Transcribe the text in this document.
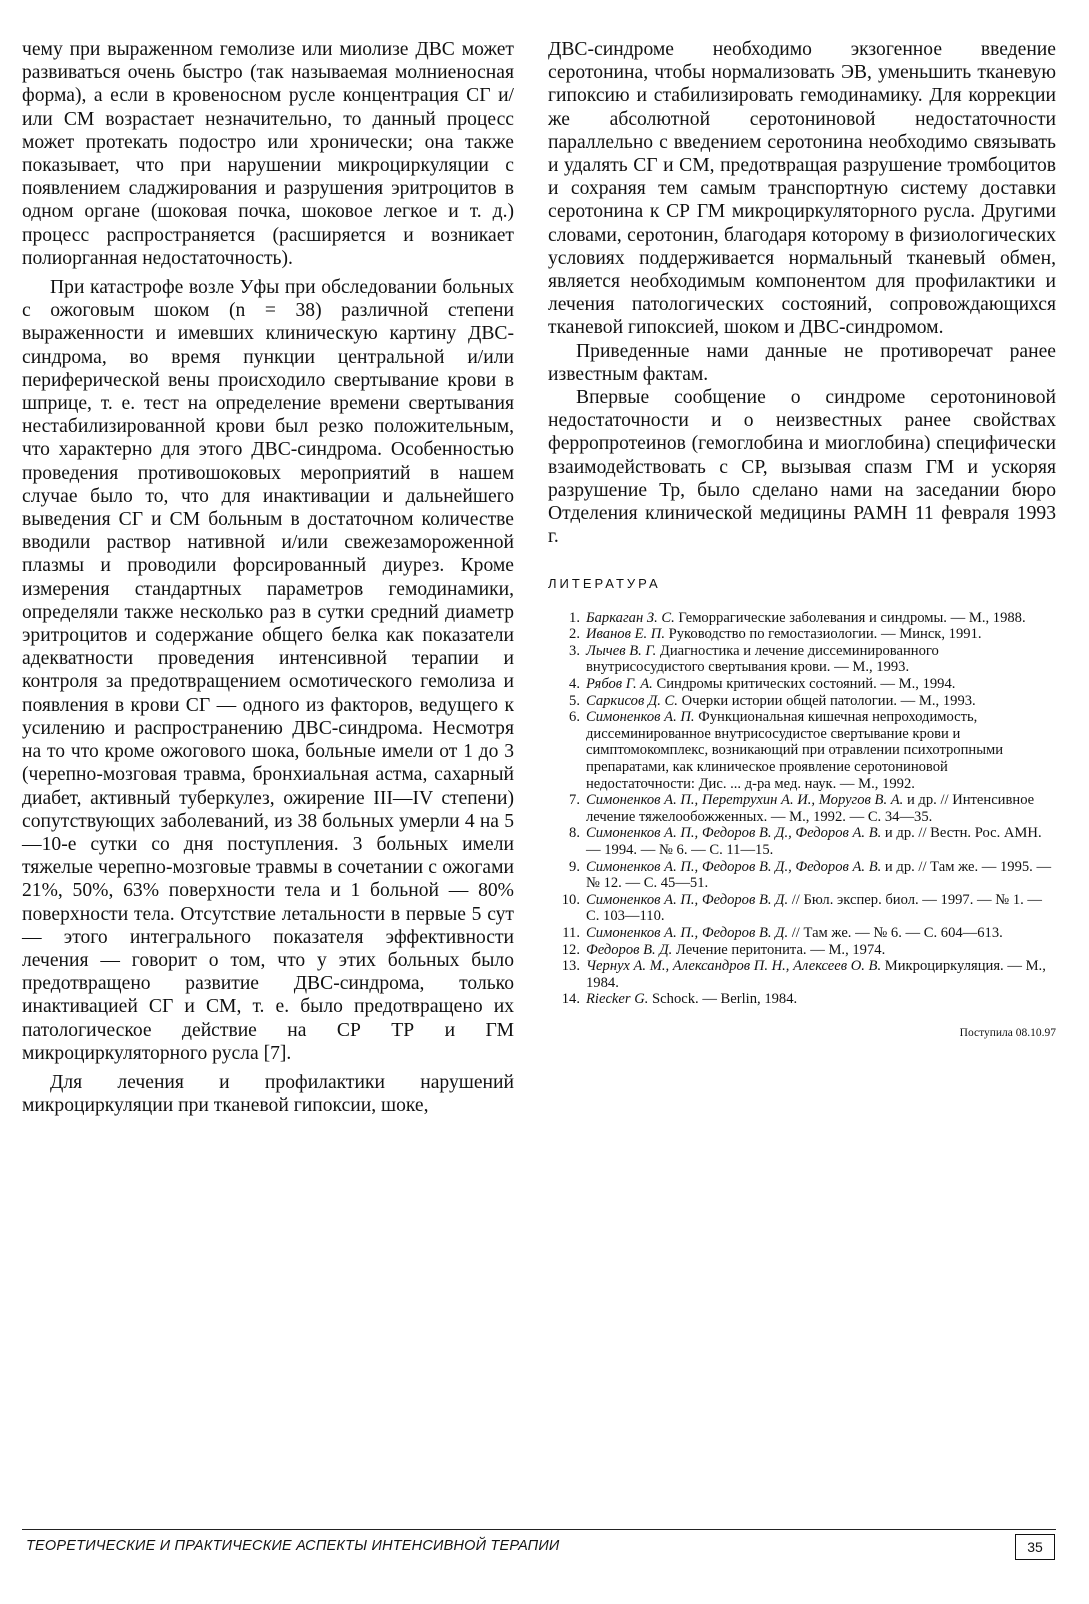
чему при выраженном гемолизе или миолизе ДВС может развиваться очень быстро (так называемая молниеносная форма), а если в кровеносном русле концентрация СГ и/или СМ возрастает незначительно, то данный процесс может протекать подостро или хронически; она также показывает, что при нарушении микроциркуляции с появлением сладжирования и разрушения эритроцитов в одном органе (шоковая почка, шоковое легкое и т. д.) процесс распространяется (расширяется и возникает полиорганная недостаточность).

При катастрофе возле Уфы при обследовании больных с ожоговым шоком (n = 38) различной степени выраженности и имевших клиническую картину ДВС-синдрома, во время пункции центральной и/или периферической вены происходило свертывание крови в шприце, т. е. тест на определение времени свертывания нестабилизированной крови был резко положительным, что характерно для этого ДВС-синдрома. Особенностью проведения противошоковых мероприятий в нашем случае было то, что для инактивации и дальнейшего выведения СГ и СМ больным в достаточном количестве вводили раствор нативной и/или свежезамороженной плазмы и проводили форсированный диурез. Кроме измерения стандартных параметров гемодинамики, определяли также несколько раз в сутки средний диаметр эритроцитов и содержание общего белка как показатели адекватности проведения интенсивной терапии и контроля за предотвращением осмотического гемолиза и появления в крови СГ — одного из факторов, ведущего к усилению и распространению ДВС-синдрома. Несмотря на то что кроме ожогового шока, больные имели от 1 до 3 (черепно-мозговая травма, бронхиальная астма, сахарный диабет, активный туберкулез, ожирение III—IV степени) сопутствующих заболеваний, из 38 больных умерли 4 на 5—10-е сутки со дня поступления. 3 больных имели тяжелые черепно-мозговые травмы в сочетании с ожогами 21%, 50%, 63% поверхности тела и 1 больной — 80% поверхности тела. Отсутствие летальности в первые 5 сут — этого интегрального показателя эффективности лечения — говорит о том, что у этих больных было предотвращено развитие ДВС-синдрома, только инактивацией СГ и СМ, т. е. было предотвращено их патологическое действие на СР ТР и ГМ микроциркуляторного русла [7].

Для лечения и профилактики нарушений микроциркуляции при тканевой гипоксии, шоке,

ДВС-синдроме необходимо экзогенное введение серотонина, чтобы нормализовать ЭВ, уменьшить тканевую гипоксию и стабилизировать гемодинамику. Для коррекции же абсолютной серотониновой недостаточности параллельно с введением серотонина необходимо связывать и удалять СГ и СМ, предотвращая разрушение тромбоцитов и сохраняя тем самым транспортную систему доставки серотонина к СР ГМ микроциркуляторного русла. Другими словами, серотонин, благодаря которому в физиологических условиях поддерживается нормальный тканевый обмен, является необходимым компонентом для профилактики и лечения патологических состояний, сопровождающихся тканевой гипоксией, шоком и ДВС-синдромом.

Приведенные нами данные не противоречат ранее известным фактам.

Впервые сообщение о синдроме серотониновой недостаточности и о неизвестных ранее свойствах ферропротеинов (гемоглобина и миоглобина) специфически взаимодействовать с СР, вызывая спазм ГМ и ускоряя разрушение Тр, было сделано нами на заседании бюро Отделения клинической медицины РАМН 11 февраля 1993 г.

ЛИТЕРАТУРА
1. Баркаган З. С. Геморрагические заболевания и синдромы. — М., 1988.
2. Иванов Е. П. Руководство по гемостазиологии. — Минск, 1991.
3. Лычев В. Г. Диагностика и лечение диссеминированного внутрисосудистого свертывания крови. — М., 1993.
4. Рябов Г. А. Синдромы критических состояний. — М., 1994.
5. Саркисов Д. С. Очерки истории общей патологии. — М., 1993.
6. Симоненков А. П. Функциональная кишечная непроходимость, диссеминированное внутрисосудистое свертывание крови и симптомокомплекс, возникающий при отравлении психотропными препаратами, как клиническое проявление серотониновой недостаточности: Дис. ... д-ра мед. наук. — М., 1992.
7. Симоненков А. П., Перетрухин А. И., Моругов В. А. и др. // Интенсивное лечение тяжелообожженных. — М., 1992. — С. 34—35.
8. Симоненков А. П., Федоров В. Д., Федоров А. В. и др. // Вестн. Рос. АМН. — 1994. — № 6. — С. 11—15.
9. Симоненков А. П., Федоров В. Д., Федоров А. В. и др. // Там же. — 1995. — № 12. — С. 45—51.
10. Симоненков А. П., Федоров В. Д. // Бюл. экспер. биол. — 1997. — № 1. — С. 103—110.
11. Симоненков А. П., Федоров В. Д. // Там же. — № 6. — С. 604—613.
12. Федоров В. Д. Лечение перитонита. — М., 1974.
13. Чернух А. М., Александров П. Н., Алексеев О. В. Микроциркуляция. — М., 1984.
14. Riecker G. Schock. — Berlin, 1984.
Поступила 08.10.97
ТЕОРЕТИЧЕСКИЕ И ПРАКТИЧЕСКИЕ АСПЕКТЫ ИНТЕНСИВНОЙ ТЕРАПИИ	35
